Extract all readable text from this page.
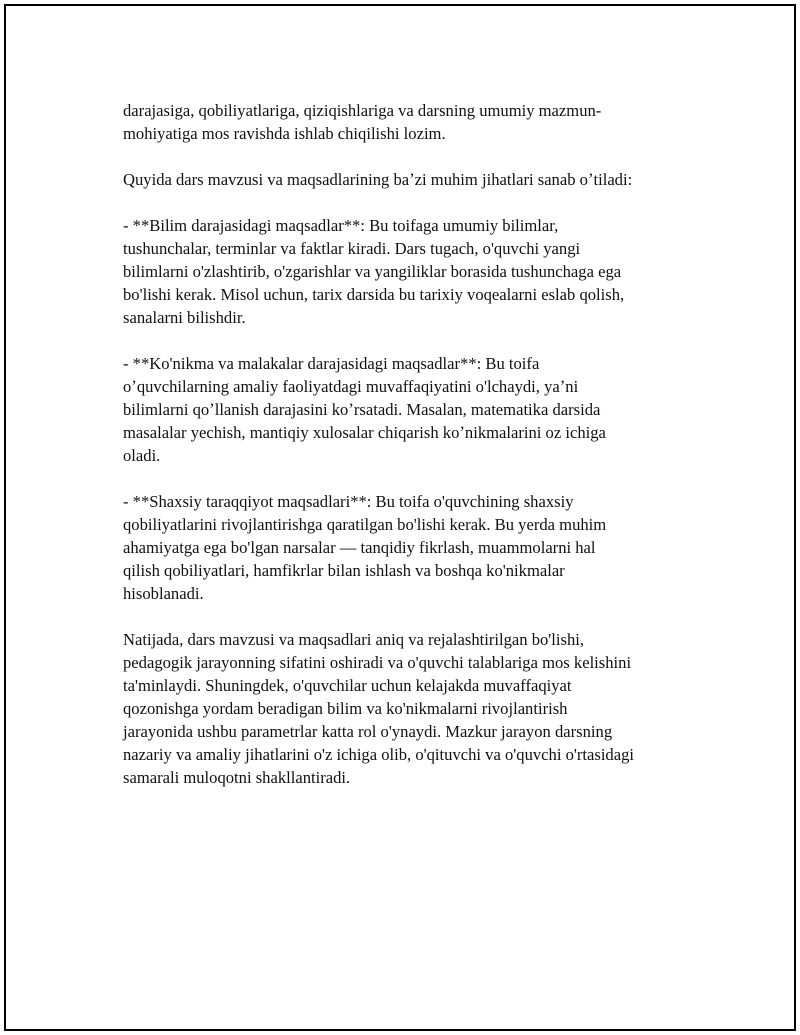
darajasiga, qobiliyatlariga, qiziqishlariga va darsning umumiy mazmun-
mohiyatiga mos ravishda ishlab chiqilishi lozim.

Quyida dars mavzusi va maqsadlarining baʼzi muhim jihatlari sanab oʼtiladi:

- **Bilim darajasidagi maqsadlar**: Bu toifaga umumiy bilimlar,
tushunchalar, terminlar va faktlar kiradi. Dars tugach, o'quvchi yangi
bilimlarni o'zlashtirib, o'zgarishlar va yangiliklar borasida tushunchaga ega
bo'lishi kerak. Misol uchun, tarix darsida bu tarixiy voqealarni eslab qolish,
sanalarni bilishdir.

- **Ko'nikma va malakalar darajasidagi maqsadlar**: Bu toifa
oʼquvchilarning amaliy faoliyatdagi muvaffaqiyatini o'lchaydi, yaʼni
bilimlarni qoʼllanish darajasini koʼrsatadi. Masalan, matematika darsida
masalalar yechish, mantiqiy xulosalar chiqarish koʼnikmalarini oz ichiga
oladi.

- **Shaxsiy taraqqiyot maqsadlari**: Bu toifa o'quvchining shaxsiy
qobiliyatlarini rivojlantirishga qaratilgan bo'lishi kerak. Bu yerda muhim
ahamiyatga ega bo'lgan narsalar — tanqidiy fikrlash, muammolarni hal
qilish qobiliyatlari, hamfikrlar bilan ishlash va boshqa ko'nikmalar
hisoblanadi.

Natijada, dars mavzusi va maqsadlari aniq va rejalashtirilgan bo'lishi,
pedagogik jarayonning sifatini oshiradi va o'quvchi talablariga mos kelishini
ta'minlaydi. Shuningdek, o'quvchilar uchun kelajakda muvaffaqiyat
qozonishga yordam beradigan bilim va ko'nikmalarni rivojlantirish
jarayonida ushbu parametrlar katta rol o'ynaydi. Mazkur jarayon darsning
nazariy va amaliy jihatlarini o'z ichiga olib, o'qituvchi va o'quvchi o'rtasidagi
samarali muloqotni shakllantiradi.
